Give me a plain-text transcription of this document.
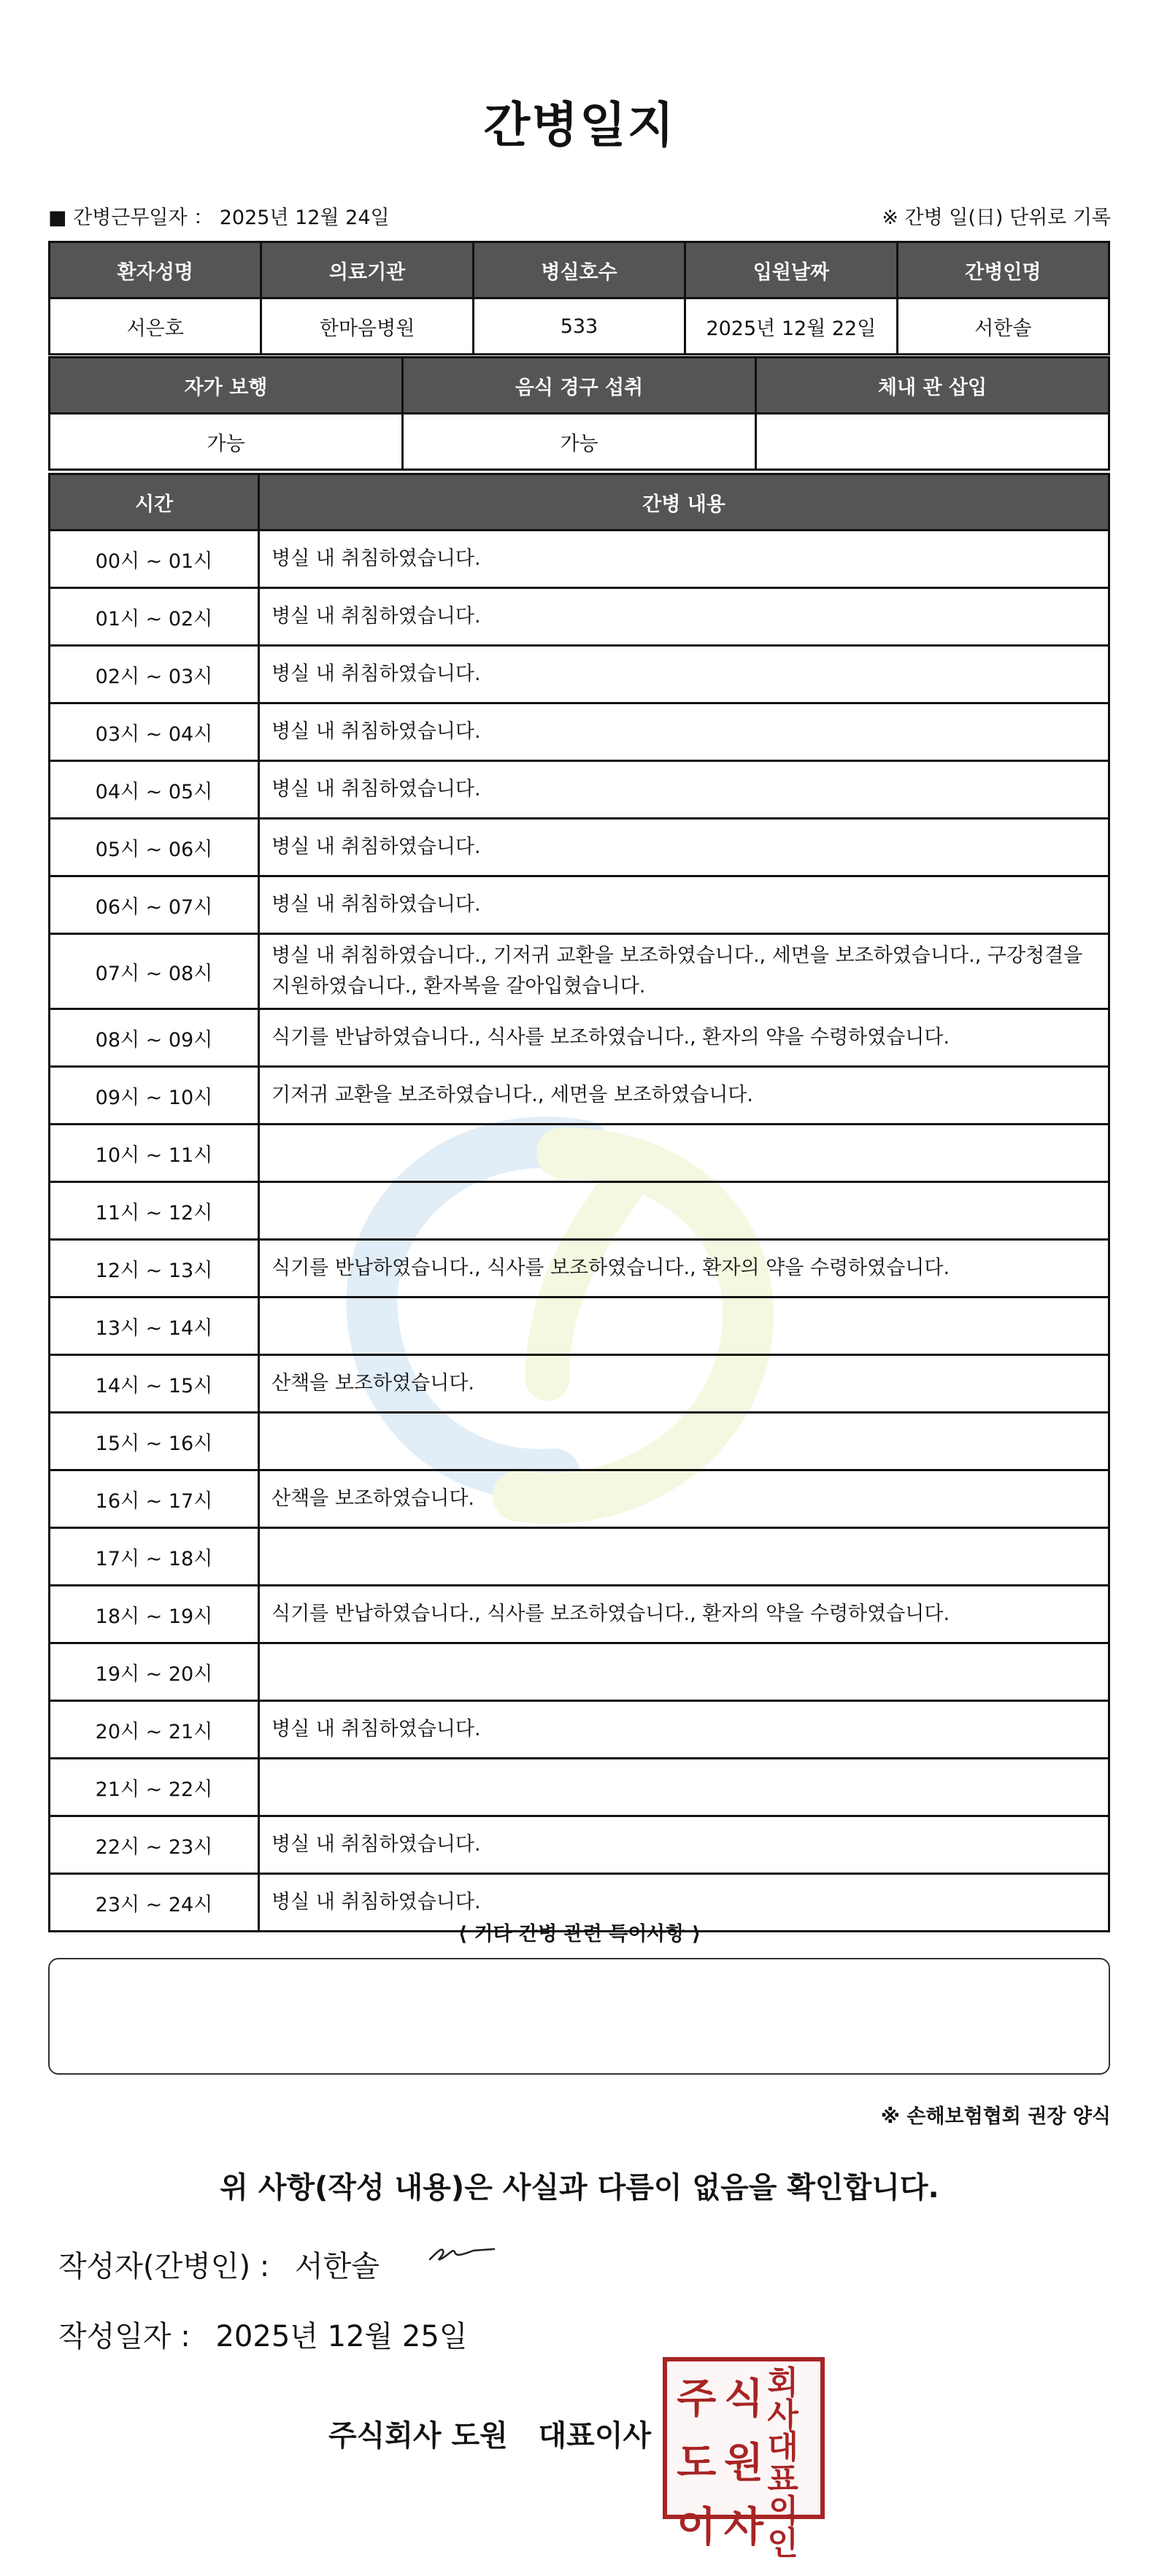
간병일지
■ 간병근무일자 ： 2025년 12월 24일	※ 간병 일(日) 단위로 기록
환자성명	의료기관	병실호수	입원날짜	간병인명
서은호	한마음병원	533	2025년 12월 22일	서한솔
자가 보행	음식 경구 섭취	체내 관 삽입
가능	가능	
시간	간병 내용
00시 ~ 01시	병실 내 취침하였습니다.
01시 ~ 02시	병실 내 취침하였습니다.
02시 ~ 03시	병실 내 취침하였습니다.
03시 ~ 04시	병실 내 취침하였습니다.
04시 ~ 05시	병실 내 취침하였습니다.
05시 ~ 06시	병실 내 취침하였습니다.
06시 ~ 07시	병실 내 취침하였습니다.
07시 ~ 08시	병실 내 취침하였습니다., 기저귀 교환을 보조하였습니다., 세면을 보조하였습니다., 구강청결을 지원하였습니다., 환자복을 갈아입혔습니다.
08시 ~ 09시	식기를 반납하였습니다., 식사를 보조하였습니다., 환자의 약을 수령하였습니다.
09시 ~ 10시	기저귀 교환을 보조하였습니다., 세면을 보조하였습니다.
10시 ~ 11시	
11시 ~ 12시	
12시 ~ 13시	식기를 반납하였습니다., 식사를 보조하였습니다., 환자의 약을 수령하였습니다.
13시 ~ 14시	
14시 ~ 15시	산책을 보조하였습니다.
15시 ~ 16시	
16시 ~ 17시	산책을 보조하였습니다.
17시 ~ 18시	
18시 ~ 19시	식기를 반납하였습니다., 식사를 보조하였습니다., 환자의 약을 수령하였습니다.
19시 ~ 20시	
20시 ~ 21시	병실 내 취침하였습니다.
21시 ~ 22시	
22시 ~ 23시	병실 내 취침하였습니다.
23시 ~ 24시	병실 내 취침하였습니다.
⟨ 기타 간병 관련 특이사항 ⟩
※ 손해보험협회 권장 양식
위 사항(작성 내용)은 사실과 다름이 없음을 확인합니다.
작성자(간병인) : 서한솔
작성일자 : 2025년 12월 25일
주식회사 도원   대표이사
주 식 회사
도 원 대표
이 사 의인
